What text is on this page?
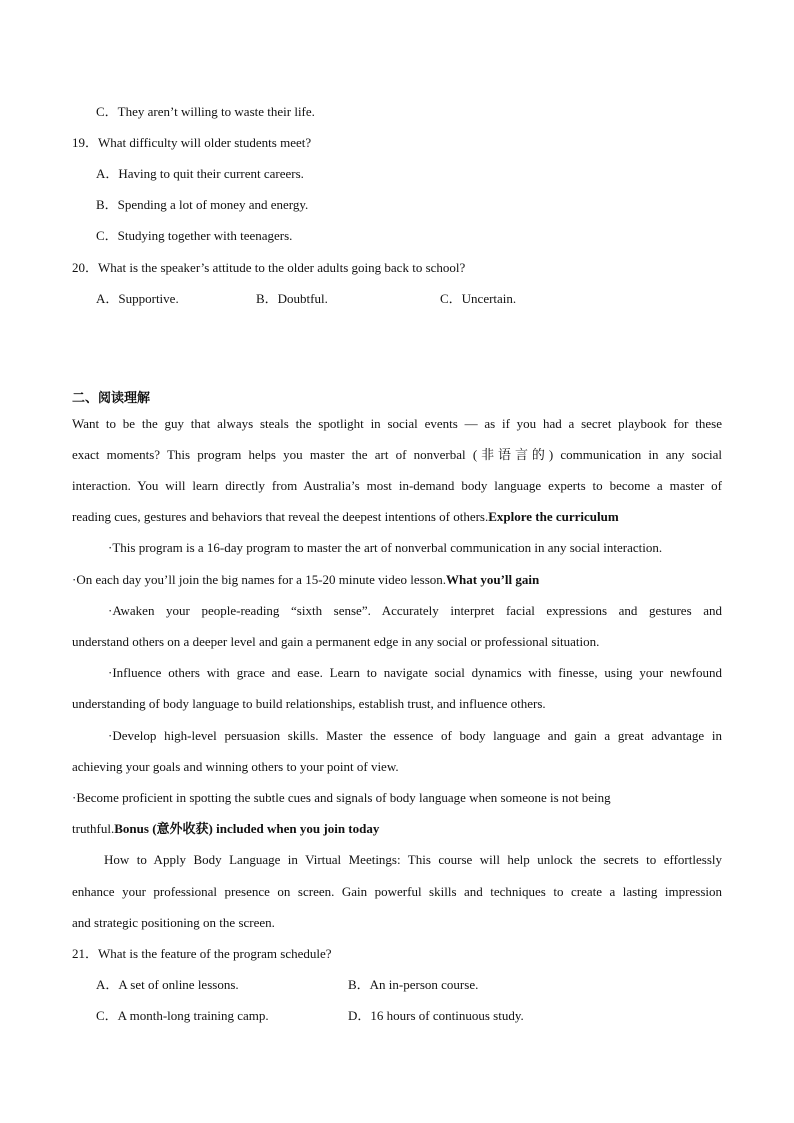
C．They aren’t willing to waste their life.
19．What difficulty will older students meet?
A．Having to quit their current careers.
B．Spending a lot of money and energy.
C．Studying together with teenagers.
20．What is the speaker’s attitude to the older adults going back to school?
A．Supportive.	B．Doubtful.	C．Uncertain.
二、阅读理解
Want to be the guy that always steals the spotlight in social events — as if you had a secret playbook for these
exact moments? This program helps you master the art of nonverbal (非语言的) communication in any social
interaction. You will learn directly from Australia’s most in-demand body language experts to become a master of
reading cues, gestures and behaviors that reveal the deepest intentions of others.Explore the curriculum
·This program is a 16-day program to master the art of nonverbal communication in any social interaction.
·On each day you’ll join the big names for a 15-20 minute video lesson.What you’ll gain
·Awaken your people-reading “sixth sense”. Accurately interpret facial expressions and gestures and
understand others on a deeper level and gain a permanent edge in any social or professional situation.
·Influence others with grace and ease. Learn to navigate social dynamics with finesse, using your newfound
understanding of body language to build relationships, establish trust, and influence others.
·Develop high-level persuasion skills. Master the essence of body language and gain a great advantage in
achieving your goals and winning others to your point of view.
·Become proficient in spotting the subtle cues and signals of body language when someone is not being
truthful.Bonus (意外收获) included when you join today
How to Apply Body Language in Virtual Meetings: This course will help unlock the secrets to effortlessly
enhance your professional presence on screen. Gain powerful skills and techniques to create a lasting impression
and strategic positioning on the screen.
21．What is the feature of the program schedule?
A．A set of online lessons.	B．An in-person course.
C．A month-long training camp.	D．16 hours of continuous study.
